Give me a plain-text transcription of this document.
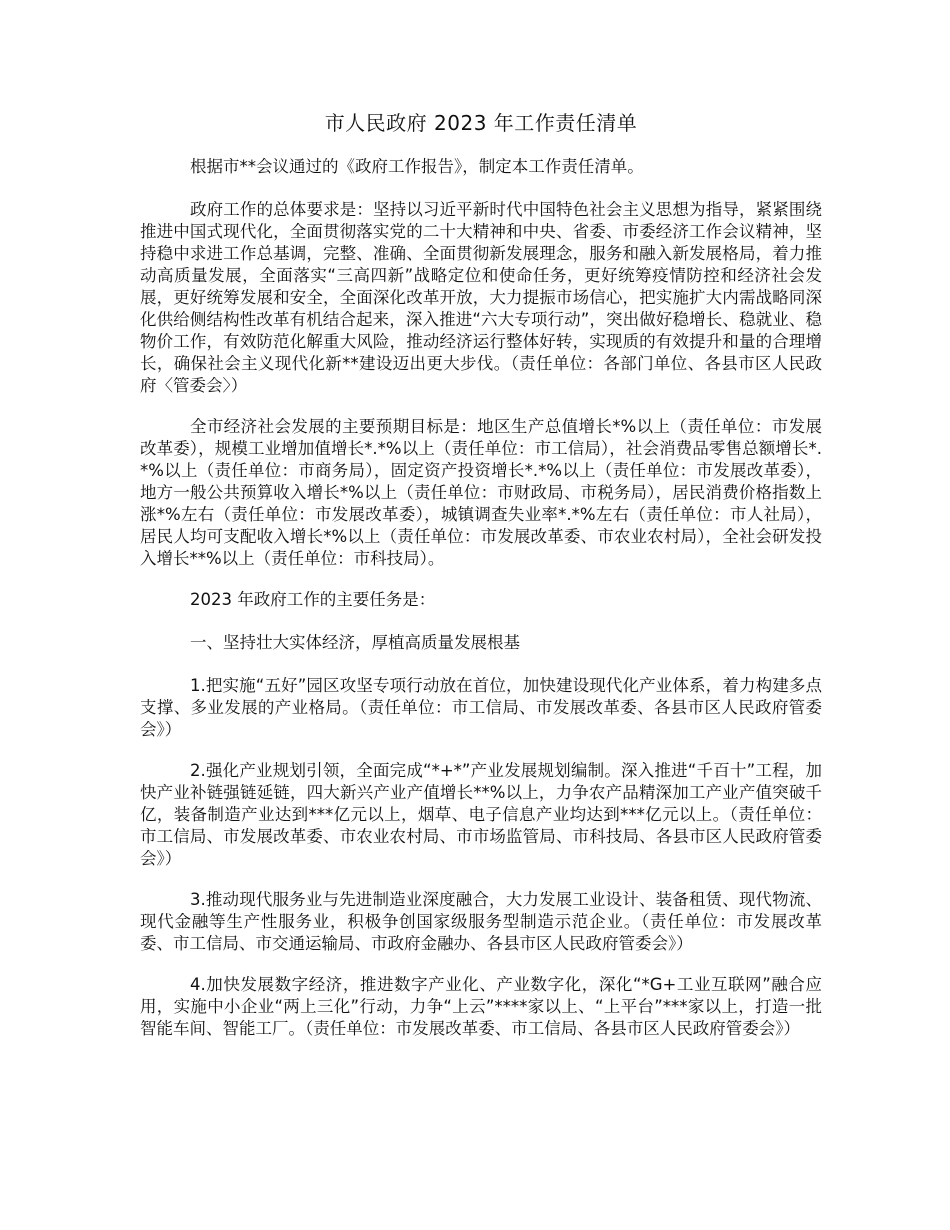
市人民政府 2023 年工作责任清单

根据市**会议通过的《政府工作报告》，制定本工作责任清单。

政府工作的总体要求是：坚持以习近平新时代中国特色社会主义思想为指导，紧紧围绕推进中国式现代化，全面贯彻落实党的二十大精神和中央、省委、市委经济工作会议精神，坚持稳中求进工作总基调，完整、准确、全面贯彻新发展理念，服务和融入新发展格局，着力推动高质量发展，全面落实“三高四新”战略定位和使命任务，更好统筹疫情防控和经济社会发展，更好统筹发展和安全，全面深化改革开放，大力提振市场信心，把实施扩大内需战略同深化供给侧结构性改革有机结合起来，深入推进“六大专项行动”，突出做好稳增长、稳就业、稳物价工作，有效防范化解重大风险，推动经济运行整体好转，实现质的有效提升和量的合理增长，确保社会主义现代化新**建设迈出更大步伐。（责任单位：各部门单位、各县市区人民政府〈管委会〉）

全市经济社会发展的主要预期目标是：地区生产总值增长*%以上（责任单位：市发展改革委），规模工业增加值增长*.*%以上（责任单位：市工信局），社会消费品零售总额增长*.*%以上（责任单位：市商务局），固定资产投资增长*.*%以上（责任单位：市发展改革委），地方一般公共预算收入增长*%以上（责任单位：市财政局、市税务局），居民消费价格指数上涨*%左右（责任单位：市发展改革委），城镇调查失业率*.*%左右（责任单位：市人社局），居民人均可支配收入增长*%以上（责任单位：市发展改革委、市农业农村局），全社会研发投入增长**%以上（责任单位：市科技局）。

2023 年政府工作的主要任务是：

一、坚持壮大实体经济，厚植高质量发展根基

1.把实施“五好”园区攻坚专项行动放在首位，加快建设现代化产业体系，着力构建多点支撑、多业发展的产业格局。（责任单位：市工信局、市发展改革委、各县市区人民政府管委会》）

2.强化产业规划引领，全面完成“*+*”产业发展规划编制。深入推进“千百十”工程，加快产业补链强链延链，四大新兴产业产值增长**%以上，力争农产品精深加工产业产值突破千亿，装备制造产业达到***亿元以上，烟草、电子信息产业均达到***亿元以上。（责任单位：市工信局、市发展改革委、市农业农村局、市市场监管局、市科技局、各县市区人民政府管委会》）

3.推动现代服务业与先进制造业深度融合，大力发展工业设计、装备租赁、现代物流、现代金融等生产性服务业，积极争创国家级服务型制造示范企业。（责任单位：市发展改革委、市工信局、市交通运输局、市政府金融办、各县市区人民政府管委会》）

4.加快发展数字经济，推进数字产业化、产业数字化，深化“*G+工业互联网”融合应用，实施中小企业“两上三化”行动，力争“上云”****家以上、“上平台”***家以上，打造一批智能车间、智能工厂。（责任单位：市发展改革委、市工信局、各县市区人民政府管委会》）
